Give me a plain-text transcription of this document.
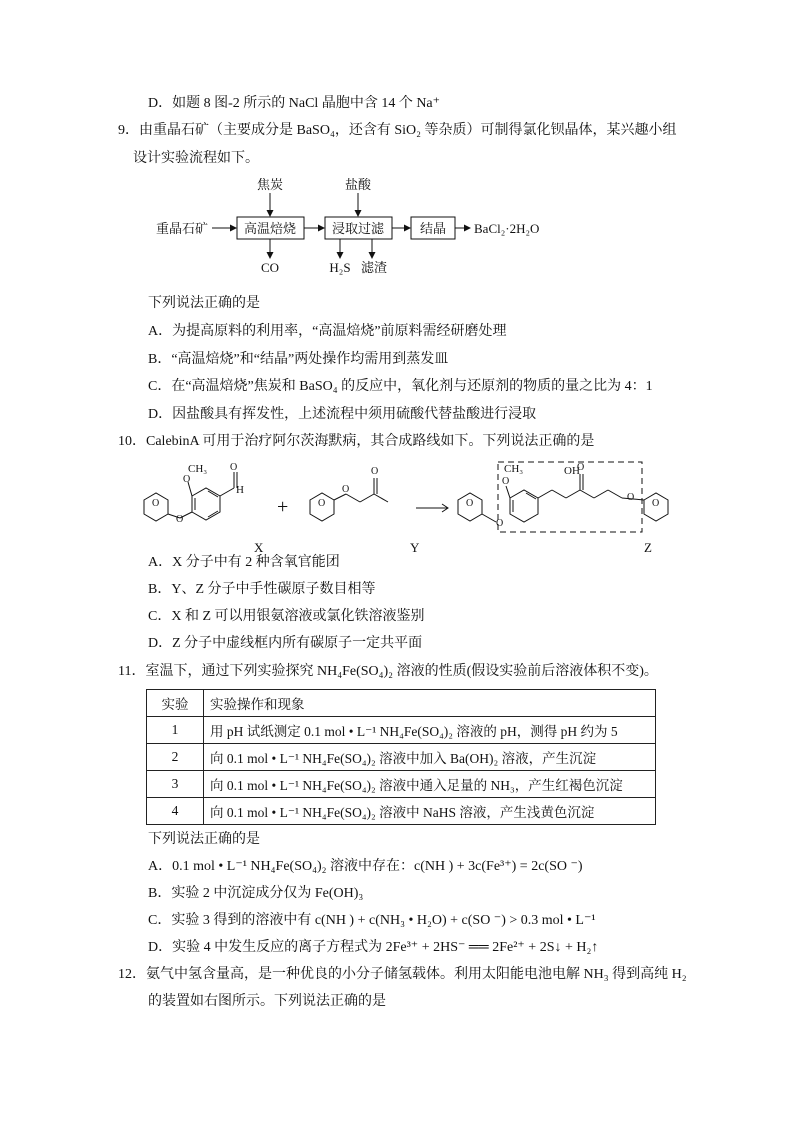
D．如题 8 图-2 所示的 NaCl 晶胞中含 14 个 Na⁺
9．由重晶石矿（主要成分是 BaSO₄，还含有 SiO₂ 等杂质）可制得氯化钡晶体，某兴趣小组
设计实验流程如下。
重晶石矿	高温焙烧	浸取过滤	结晶 BaCl₂·2H₂O
焦炭	盐酸
CO	H₂S 滤渣
下列说法正确的是
A．为提高原料的利用率，“高温焙烧”前原料需经研磨处理
B．“高温焙烧”和“结晶”两处操作均需用到蒸发皿
C．在“高温焙烧”焦炭和 BaSO₄ 的反应中，氧化剂与还原剂的物质的量之比为 4：1
D．因盐酸具有挥发性，上述流程中须用硫酸代替盐酸进行浸取
10．CalebinA 可用于治疗阿尔茨海默病，其合成路线如下。下列说法正确的是
O
O
O
CH₃ O
H
+	O
O
O
O
O
O
CH₃	OH
O
O
O
X	Y	Z
A．X 分子中有 2 种含氧官能团
B．Y、Z 分子中手性碳原子数目相等
C．X 和 Z 可以用银氨溶液或氯化铁溶液鉴别
D．Z 分子中虚线框内所有碳原子一定共平面
11．室温下，通过下列实验探究 NH₄Fe(SO₄)₂ 溶液的性质(假设实验前后溶液体积不变)。
实验	实验操作和现象
1	用 pH 试纸测定 0.1 mol • L⁻¹ NH₄Fe(SO₄)₂ 溶液的 pH，测得 pH 约为 5
2	向 0.1 mol • L⁻¹ NH₄Fe(SO₄)₂ 溶液中加入 Ba(OH)₂ 溶液，产生沉淀
3	向 0.1 mol • L⁻¹ NH₄Fe(SO₄)₂ 溶液中通入足量的 NH₃，产生红褐色沉淀
4	向 0.1 mol • L⁻¹ NH₄Fe(SO₄)₂ 溶液中 NaHS 溶液，产生浅黄色沉淀
下列说法正确的是
A．0.1 mol • L⁻¹ NH₄Fe(SO₄)₂ 溶液中存在：c(NH ) + 3c(Fe³⁺) = 2c(SO ⁻)
B．实验 2 中沉淀成分仅为 Fe(OH)₃
C．实验 3 得到的溶液中有 c(NH ) + c(NH₃ • H₂O) + c(SO ⁻) > 0.3 mol • L⁻¹
D．实验 4 中发生反应的离子方程式为 2Fe³⁺ + 2HS⁻ ══ 2Fe²⁺ + 2S↓ + H₂↑
12．氨气中氢含量高，是一种优良的小分子储氢载体。利用太阳能电池电解 NH₃ 得到高纯 H₂
的装置如右图所示。下列说法正确的是
